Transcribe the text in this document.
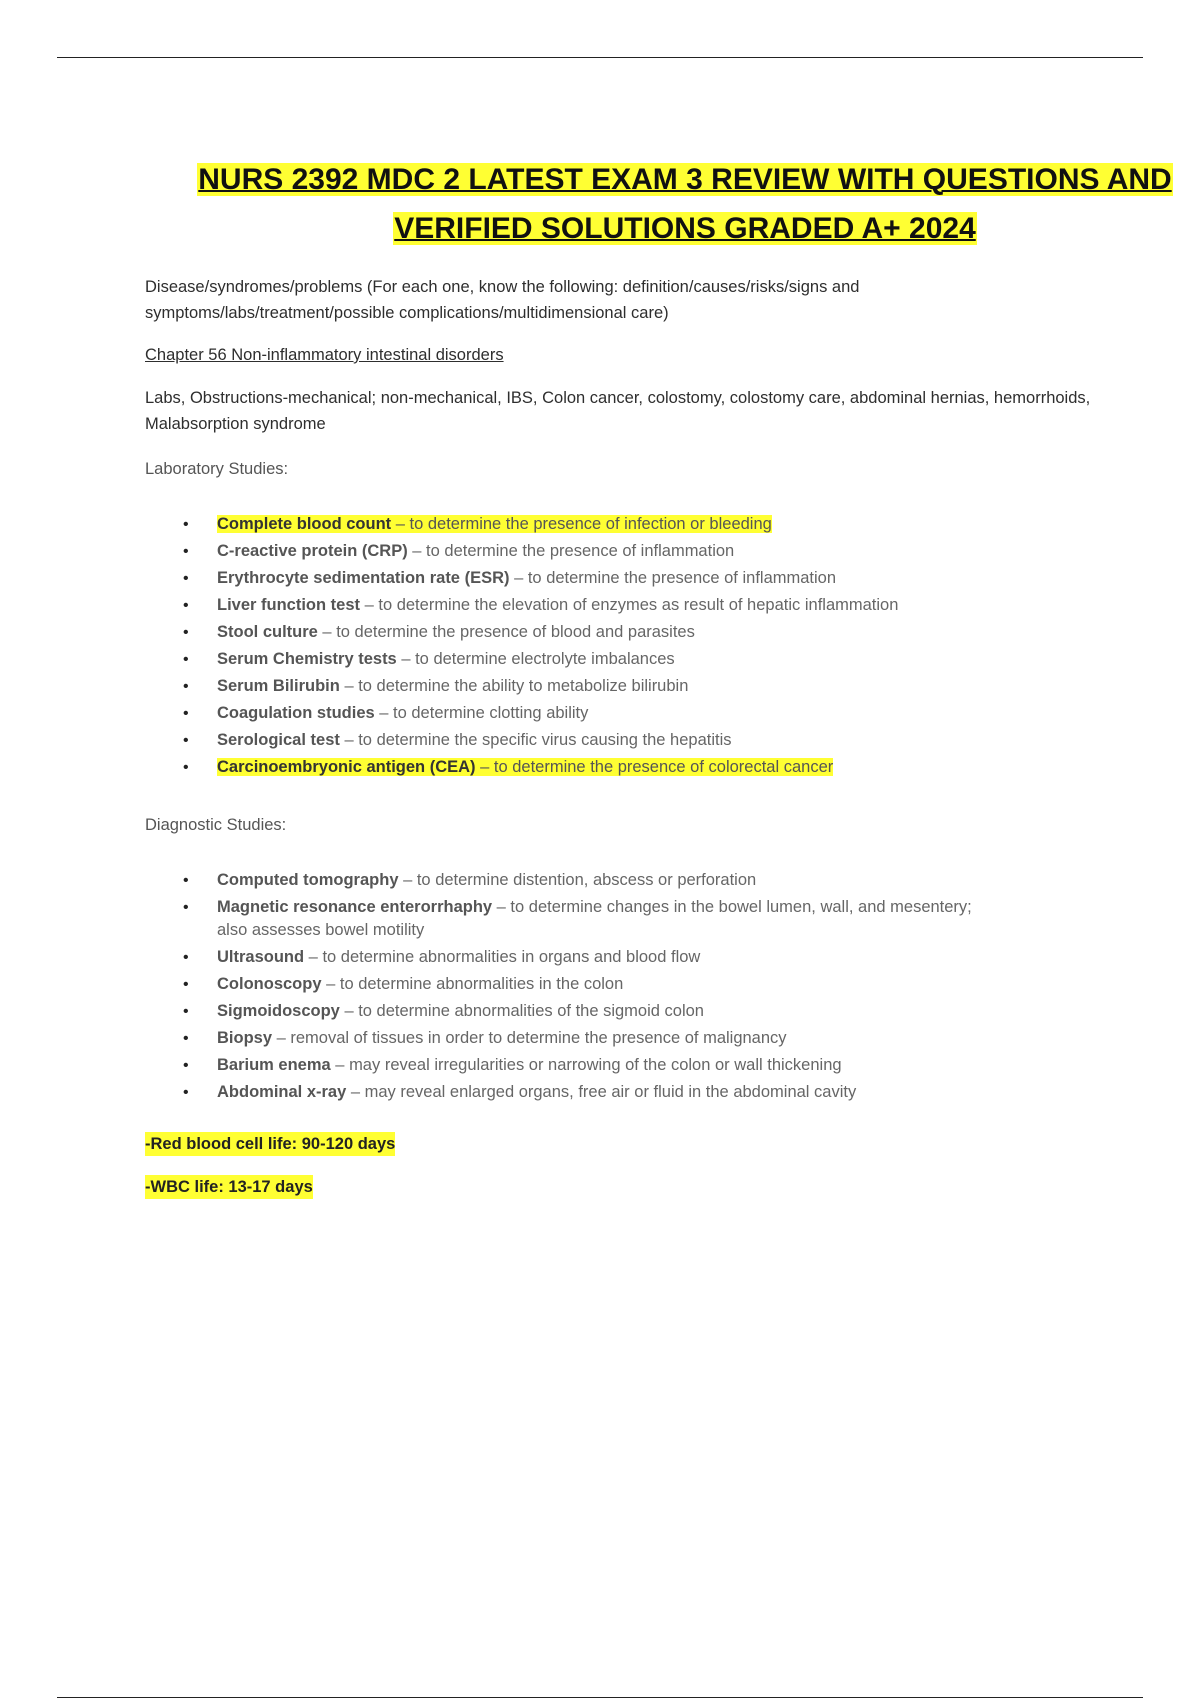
NURS 2392 MDC 2 LATEST EXAM 3 REVIEW WITH QUESTIONS AND
VERIFIED SOLUTIONS GRADED A+ 2024
Disease/syndromes/problems (For each one, know the following: definition/causes/risks/signs and symptoms/labs/treatment/possible complications/multidimensional care)
Chapter 56 Non-inflammatory intestinal disorders
Labs, Obstructions-mechanical; non-mechanical, IBS, Colon cancer, colostomy, colostomy care, abdominal hernias, hemorrhoids, Malabsorption syndrome
Laboratory Studies:
• Complete blood count – to determine the presence of infection or bleeding
• C-reactive protein (CRP) – to determine the presence of inflammation
• Erythrocyte sedimentation rate (ESR) – to determine the presence of inflammation
• Liver function test – to determine the elevation of enzymes as result of hepatic inflammation
• Stool culture – to determine the presence of blood and parasites
• Serum Chemistry tests – to determine electrolyte imbalances
• Serum Bilirubin – to determine the ability to metabolize bilirubin
• Coagulation studies – to determine clotting ability
• Serological test – to determine the specific virus causing the hepatitis
• Carcinoembryonic antigen (CEA) – to determine the presence of colorectal cancer
Diagnostic Studies:
• Computed tomography – to determine distention, abscess or perforation
• Magnetic resonance enterorrhaphy – to determine changes in the bowel lumen, wall, and mesentery; also assesses bowel motility
• Ultrasound – to determine abnormalities in organs and blood flow
• Colonoscopy – to determine abnormalities in the colon
• Sigmoidoscopy – to determine abnormalities of the sigmoid colon
• Biopsy – removal of tissues in order to determine the presence of malignancy
• Barium enema – may reveal irregularities or narrowing of the colon or wall thickening
• Abdominal x-ray – may reveal enlarged organs, free air or fluid in the abdominal cavity
-Red blood cell life: 90-120 days
-WBC life: 13-17 days
